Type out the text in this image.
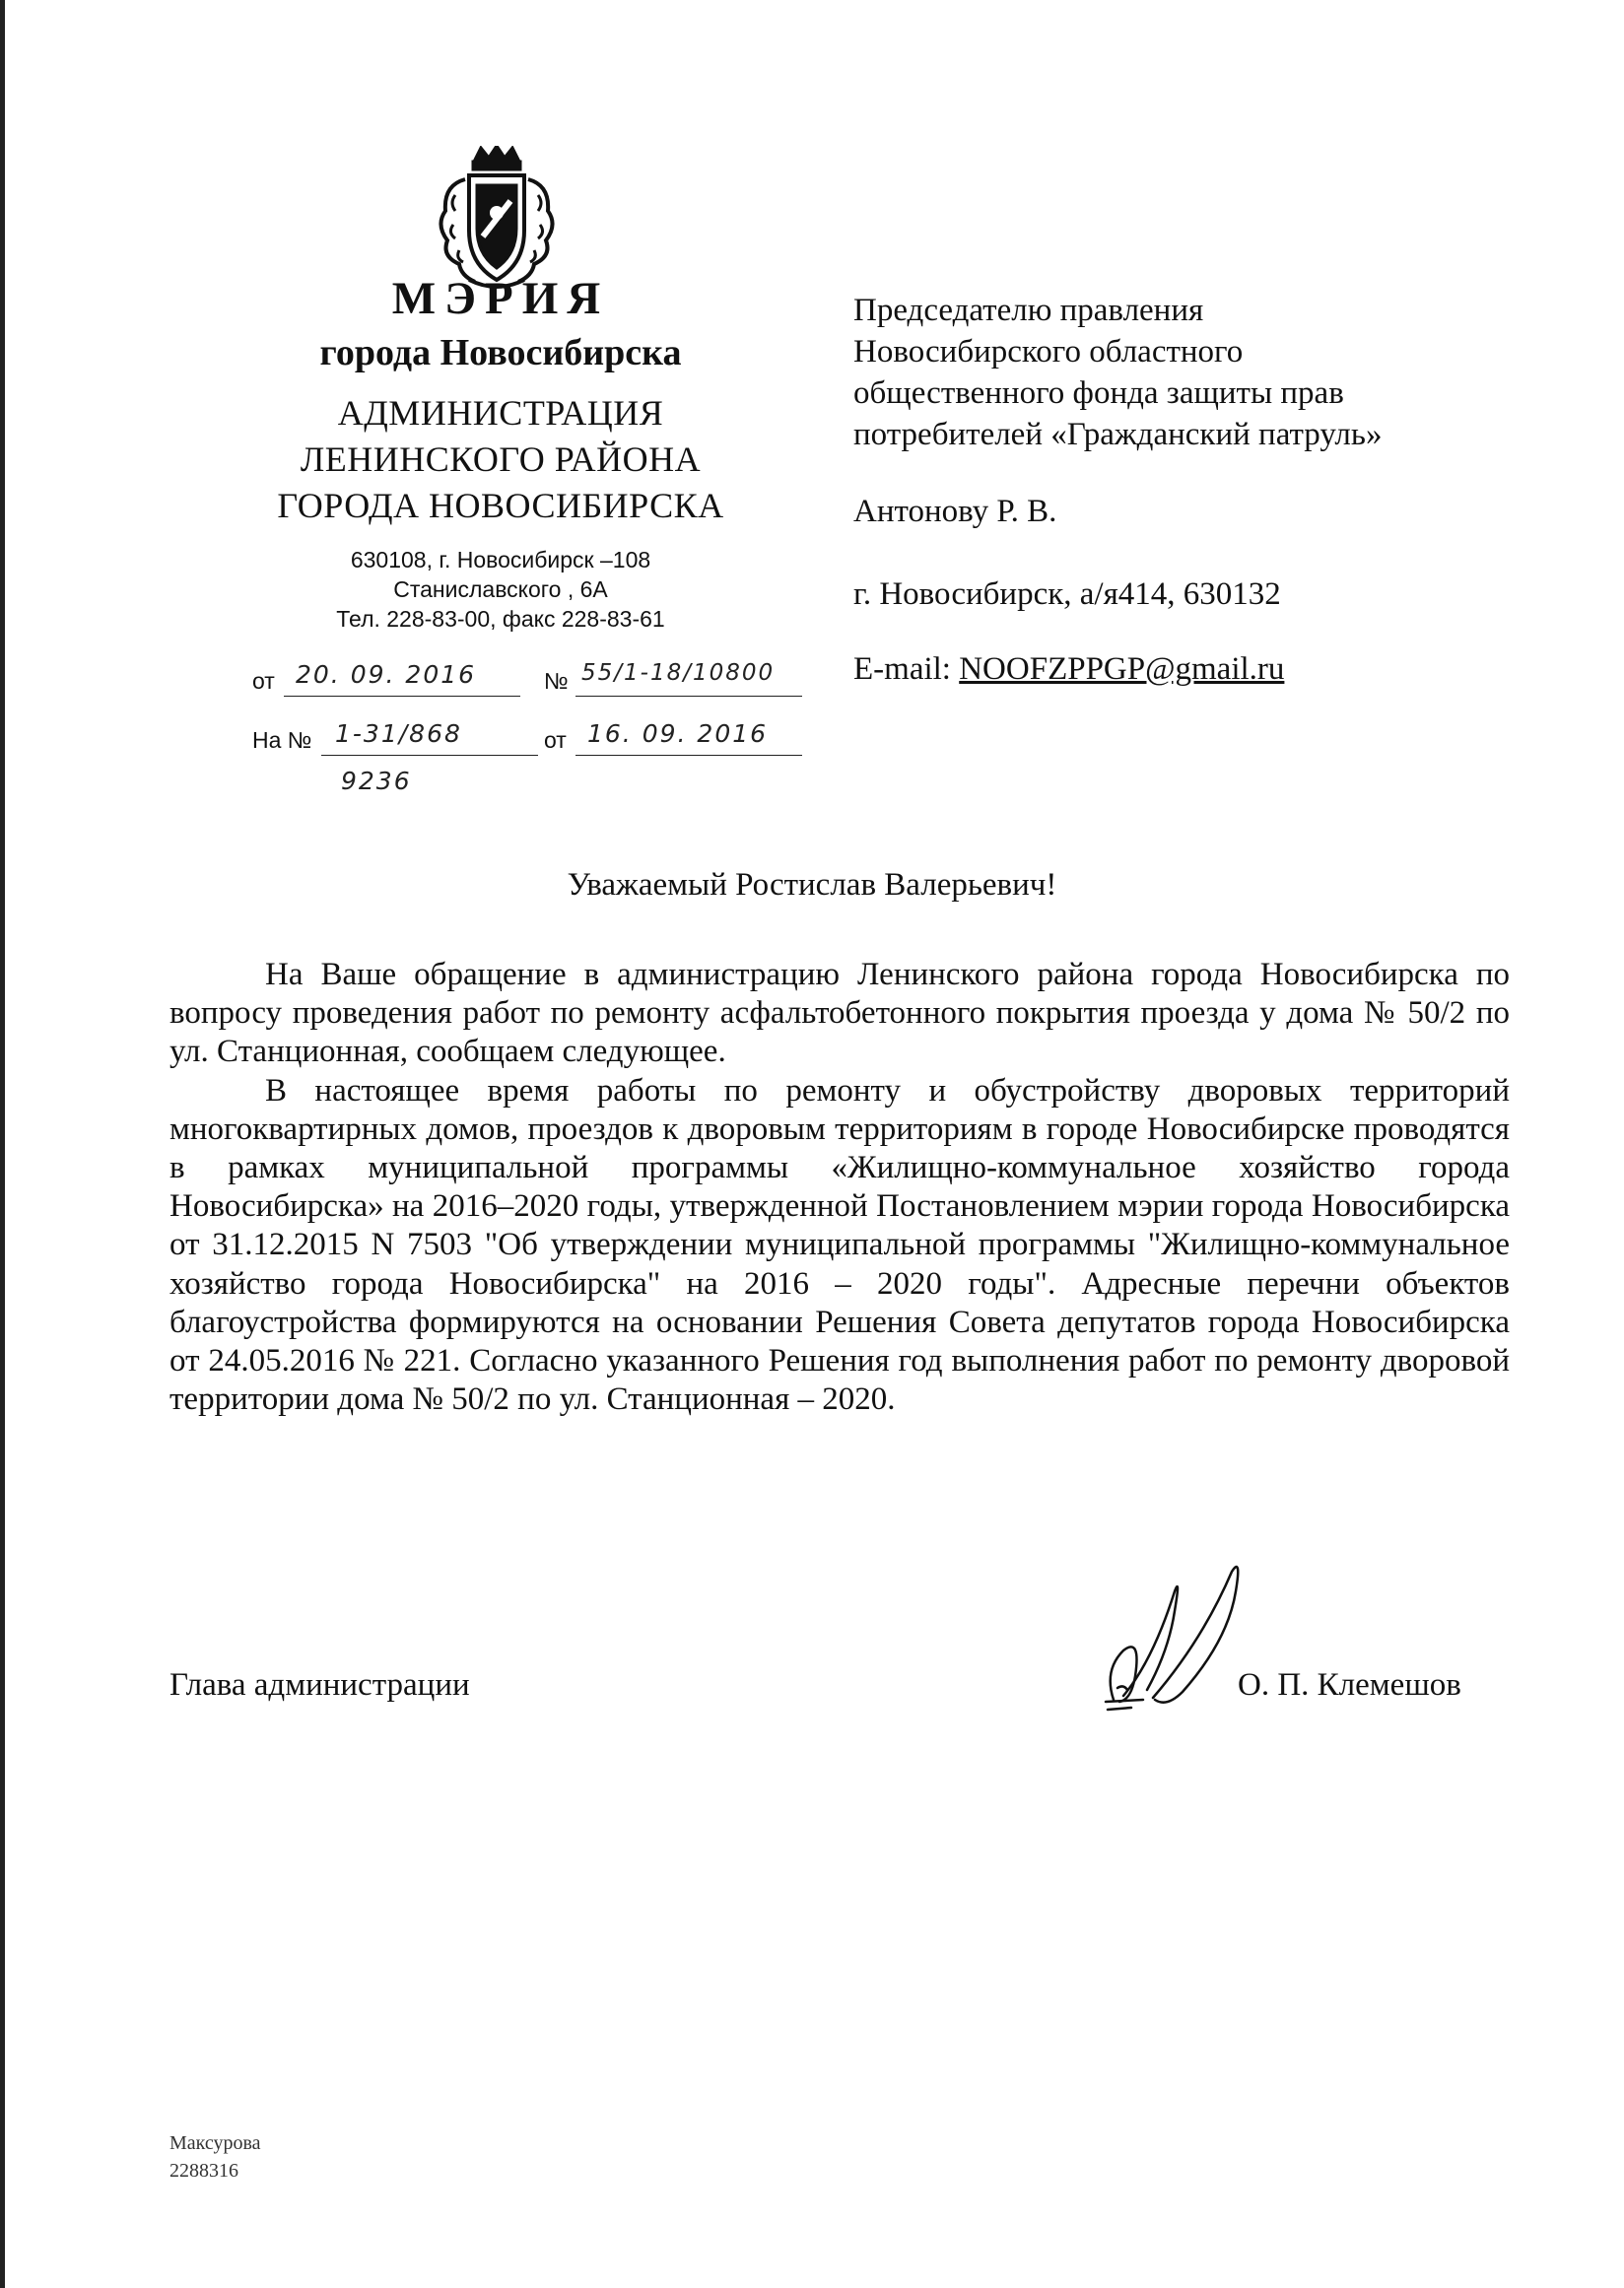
МЭРИЯ
города Новосибирска
АДМИНИСТРАЦИЯ
ЛЕНИНСКОГО РАЙОНА
ГОРОДА НОВОСИБИРСКА
630108, г. Новосибирск –108
Станиславского , 6А
Тел. 228-83-00, факс 228-83-61
от 20. 09. 2016	№ 55/1-18/10800
На № 1-31/868	от 16. 09. 2016
9236
Председателю правления
Новосибирского областного
общественного фонда защиты прав
потребителей «Гражданский патруль»
Антонову Р. В.
г. Новосибирск, а/я414, 630132
E-mail: NOOFZPPGP@gmail.ru
Уважаемый Ростислав Валерьевич!

На Ваше обращение в администрацию Ленинского района города Новосибирска по вопросу проведения работ по ремонту асфальтобетонного покрытия проезда у дома № 50/2 по ул. Станционная, сообщаем следующее.

В настоящее время работы по ремонту и обустройству дворовых территорий многоквартирных домов, проездов к дворовым территориям в городе Новосибирске проводятся в рамках муниципальной программы «Жилищно-коммунальное хозяйство города Новосибирска» на 2016–2020 годы, утвержденной Постановлением мэрии города Новосибирска от 31.12.2015 N 7503 "Об утверждении муниципальной программы "Жилищно-коммунальное хозяйство города Новосибирска" на 2016 – 2020 годы". Адресные перечни объектов благоустройства формируются на основании Решения Совета депутатов города Новосибирска от 24.05.2016 № 221. Согласно указанного Решения год выполнения работ по ремонту дворовой территории дома № 50/2 по ул. Станционная – 2020.

Глава администрации	О. П. Клемешов
Максурова
2288316
